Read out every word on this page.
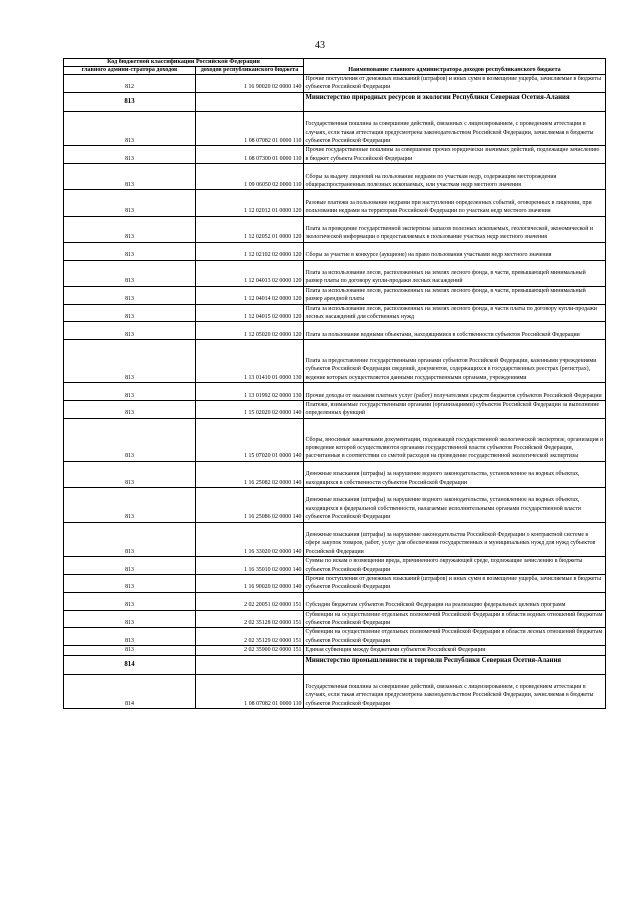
43
Код бюджетной классификации Российской Федерации		Наименование главного администратора доходов республиканского бюджета
главного админи-стратора доходов	доходов республиканского бюджета	
812	1 16 90020 02 0000 140	Прочие поступления от денежных взысканий (штрафов) и иных сумм в возмещение ущерба, зачисляемые в бюджеты субъектов Российской Федерации
813		Министерство природных ресурсов и экологии Республики Северная Осетия-Алания
813	1 08 07082 01 0000 110	Государственная пошлина за совершение действий, связанных с лицензированием, с проведением аттестации в случаях, если такая аттестация предусмотрена законодательством Российской Федерации, зачисляемая в бюджеты субъектов Российской Федерации
813	1 08 07300 01 0000 110	Прочие государственные пошлины за совершение прочих юридически значимых действий, подлежащие зачислению в бюджет субъекта Российской Федерации
813	1 09 06050 02 0000 110	Сборы за выдачу лицензий на пользование недрами по участкам недр, содержащим месторождения общераспространенных полезных ископаемых, или участкам недр местного значения
813	1 12 02012 01 0000 120	Разовые платежи за пользование недрами при наступлении определенных событий, оговоренных в лицензии, при пользовании недрами на территории Российской Федерации по участкам недр местного значения
813	1 12 02052 01 0000 120	Плата за проведение государственной экспертизы запасов полезных ископаемых, геологической, экономической и экологической информации о предоставляемых в пользование участках недр местного значения
813	1 12 02102 02 0000 120	Сборы за участие в конкурсе (аукционе) на право пользования участками недр местного значения
813	1 12 04013 02 0000 120	Плата за использование лесов, расположенных на землях лесного фонда, в части, превышающей минимальный размер платы по договору купли-продажи лесных насаждений
813	1 12 04014 02 0000 120	Плата за использование лесов, расположенных на землях лесного фонда, в части, превышающей минимальный размер арендной платы
813	1 12 04015 02 0000 120	Плата за использование лесов, расположенных на землях лесного фонда, в части платы по договору купли-продажи лесных насаждений для собственных нужд
813	1 12 05020 02 0000 120	Плата за пользование водными объектами, находящимися в собственности субъектов Российской Федерации
813	1 13 01410 01 0000 130	Плата за предоставление государственными органами субъектов Российской Федерации, казенными учреждениями субъектов Российской Федерации сведений, документов, содержащихся в государственных реестрах (регистрах), ведение которых осуществляется данными государственными органами, учреждениями
813	1 13 01992 02 0000 130	Прочие доходы от оказания платных услуг (работ) получателями средств бюджетов субъектов Российской Федерации
813	1 15 02020 02 0000 140	Платежи, взимаемые государственными органами (организациями) субъектов Российской Федерации за выполнение определенных функций
813	1 15 07020 01 0000 140	Сборы, вносимые заказчиками документации, подлежащей государственной экологической экспертизе, организация и проведение которой осуществляются органами государственной власти субъектов Российской Федерации, рассчитанные в соответствии со сметой расходов на проведение государственной экологической экспертизы
813	1 16 25082 02 0000 140	Денежные взыскания (штрафы) за нарушение водного законодательства, установленное на водных объектах, находящихся в собственности субъектов Российской Федерации
813	1 16 25086 02 0000 140	Денежные взыскания (штрафы) за нарушение водного законодательства, установленное на водных объектах, находящихся в федеральной собственности, налагаемые исполнительными органами государственной власти субъектов Российской Федерации
813	1 16 33020 02 0000 140	Денежные взыскания (штрафы) за нарушение законодательства Российской Федерации о контрактной системе в сфере закупок товаров, работ, услуг для обеспечения государственных и муниципальных нужд для нужд субъектов Российской Федерации
813	1 16 35010 02 0000 140	Суммы по искам о возмещении вреда, причиненного окружающей среде, подлежащие зачислению в бюджеты субъектов Российской Федерации
813	1 16 90020 02 0000 140	Прочие поступления от денежных взысканий (штрафов) и иных сумм в возмещение ущерба, зачисляемые в бюджеты субъектов Российской Федерации
813	2 02 20051 02 0000 151	Субсидии бюджетам субъектов Российской Федерации на реализацию федеральных целевых программ
813	2 02 35128 02 0000 151	Субвенции на осуществление отдельных полномочий Российской Федерации в области водных отношений бюджетам субъектов Российской Федерации
813	2 02 35129 02 0000 151	Субвенции на осуществление отдельных полномочий Российской Федерации в области лесных отношений бюджетам субъектов Российской Федерации
813	2 02 35900 02 0000 151	Единая субвенция между бюджетами субъектов Российской Федерации
814		Министерство промышленности и торговли Республики Северная Осетия-Алания
814	1 08 07082 01 0000 110	Государственная пошлина за совершение действий, связанных с лицензированием, с проведением аттестации в случаях, если такая аттестация предусмотрена законодательством Российской Федерации, зачисляемая в бюджеты субъектов Российской Федерации
